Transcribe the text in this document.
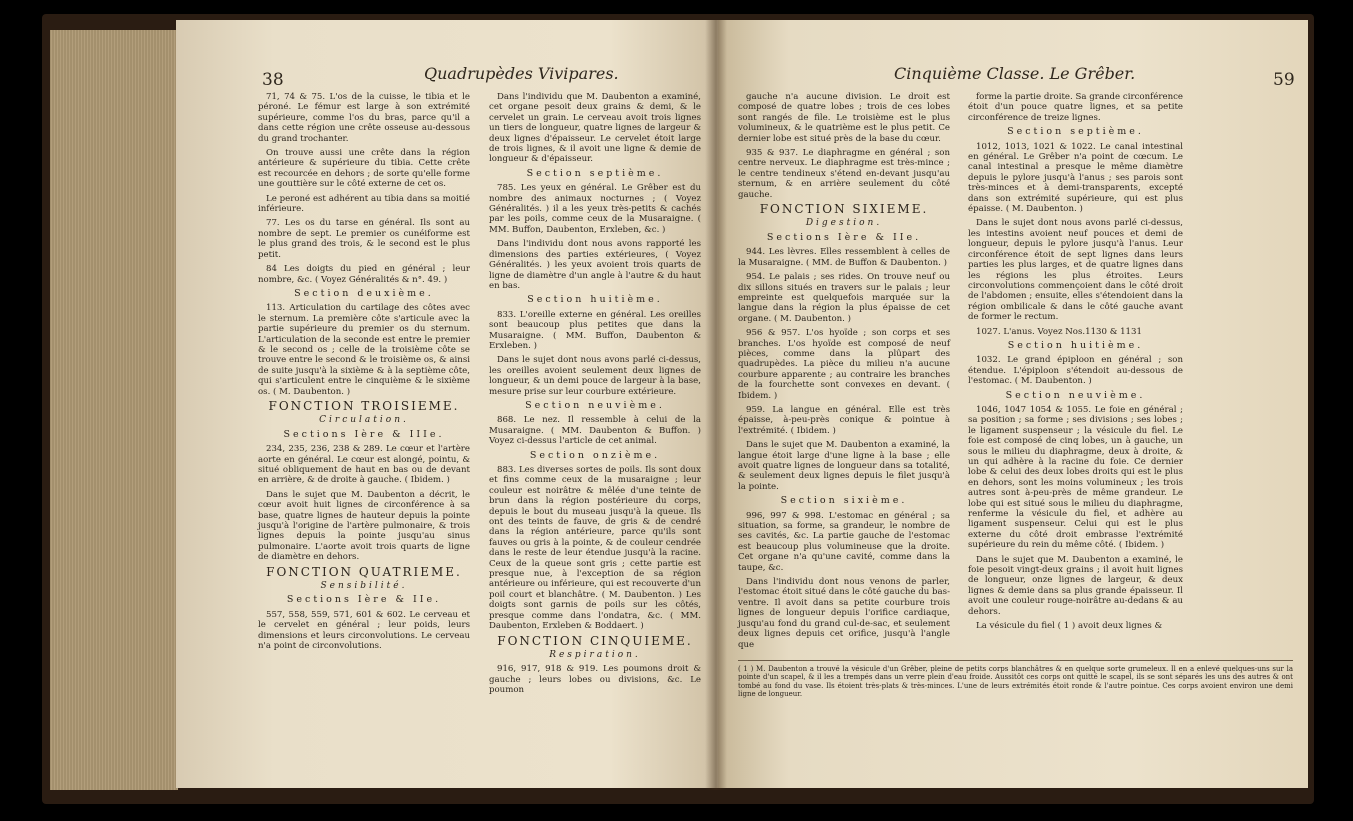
38	Quadrupèdes Vivipares.

71, 74 & 75. L'os de la cuisse, le tibia et le péroné. Le fémur est large à son extrémité supérieure, comme l'os du bras, parce qu'il a dans cette région une crête osseuse au-dessous du grand trochanter.

On trouve aussi une crête dans la région antérieure & supérieure du tibia. Cette crête est recourcée en dehors ; de sorte qu'elle forme une gouttière sur le côté externe de cet os.

Le peroné est adhérent au tibia dans sa moitié inférieure.

77. Les os du tarse en général. Ils sont au nombre de sept. Le premier os cunéiforme est le plus grand des trois, & le second est le plus petit.

84 Les doigts du pied en général ; leur nombre, &c. ( Voyez Généralités & n°. 49. )

Section deuxième.

113. Articulation du cartilage des côtes avec le sternum. La première côte s'articule avec la partie supérieure du premier os du sternum. L'articulation de la seconde est entre le premier & le second os ; celle de la troisième côte se trouve entre le second & le troisième os, & ainsi de suite jusqu'à la sixième & à la septième côte, qui s'articulent entre le cinquième & le sixième os. ( M. Daubenton. )

FONCTION TROISIEME.

Circulation.

Sections Ière & IIIe.

234, 235, 236, 238 & 289. Le cœur et l'artère aorte en général. Le cœur est alongé, pointu, & situé obliquement de haut en bas ou de devant en arrière, & de droite à gauche. ( Ibidem. )

Dans le sujet que M. Daubenton a décrit, le cœur avoit huit lignes de circonférence à sa base, quatre lignes de hauteur depuis la pointe jusqu'à l'origine de l'artère pulmonaire, & trois lignes depuis la pointe jusqu'au sinus pulmonaire. L'aorte avoit trois quarts de ligne de diamètre en dehors.

FONCTION QUATRIEME.

Sensibilité.

Sections Ière & IIe.

557, 558, 559, 571, 601 & 602. Le cerveau et le cervelet en général ; leur poids, leurs dimensions et leurs circonvolutions. Le cerveau n'a point de circonvolutions.

Dans l'individu que M. Daubenton a examiné, cet organe pesoit deux grains & demi, & le cervelet un grain. Le cerveau avoit trois lignes un tiers de longueur, quatre lignes de largeur & deux lignes d'épaisseur. Le cervelet étoit large de trois lignes, & il avoit une ligne & demie de longueur & d'épaisseur.

Section septième.

785. Les yeux en général. Le Grêber est du nombre des animaux nocturnes ; ( Voyez Généralités. ) il a les yeux très-petits & cachés par les poils, comme ceux de la Musaraigne. ( MM. Buffon, Daubenton, Erxleben, &c. )

Dans l'individu dont nous avons rapporté les dimensions des parties extérieures, ( Voyez Généralités. ) les yeux avoient trois quarts de ligne de diamètre d'un angle à l'autre & du haut en bas.

Section huitième.

833. L'oreille externe en général. Les oreilles sont beaucoup plus petites que dans la Musaraigne. ( MM. Buffon, Daubenton & Erxleben. )

Dans le sujet dont nous avons parlé ci-dessus, les oreilles avoient seulement deux lignes de longueur, & un demi pouce de largeur à la base, mesure prise sur leur courbure extérieure.

Section neuvième.

868. Le nez. Il ressemble à celui de la Musaraigne. ( MM. Daubenton & Buffon. ) Voyez ci-dessus l'article de cet animal.

Section onzième.

883. Les diverses sortes de poils. Ils sont doux et fins comme ceux de la musaraigne ; leur couleur est noirâtre & mêlée d'une teinte de brun dans la région postérieure du corps, depuis le bout du museau jusqu'à la queue. Ils ont des teints de fauve, de gris & de cendré dans la région antérieure, parce qu'ils sont fauves ou gris à la pointe, & de couleur cendrée dans le reste de leur étendue jusqu'à la racine. Ceux de la queue sont gris ; cette partie est presque nue, à l'exception de sa région antérieure ou inférieure, qui est recouverte d'un poil court et blanchâtre. ( M. Daubenton. ) Les doigts sont garnis de poils sur les côtés, presque comme dans l'ondatra, &c. ( MM. Daubenton, Erxleben & Boddaert. )

FONCTION CINQUIEME.

Respiration.

916, 917, 918 & 919. Les poumons droit & gauche ; leurs lobes ou divisions, &c. Le poumon

Cinquième Classe. Le Grêber.	59

gauche n'a aucune division. Le droit est composé de quatre lobes ; trois de ces lobes sont rangés de file. Le troisième est le plus volumineux, & le quatrième est le plus petit. Ce dernier lobe est situé près de la base du cœur.

935 & 937. Le diaphragme en général ; son centre nerveux. Le diaphragme est très-mince ; le centre tendineux s'étend en-devant jusqu'au sternum, & en arrière seulement du côté gauche.

FONCTION SIXIEME.

Digestion.

Sections Ière & IIe.

944. Les lèvres. Elles ressemblent à celles de la Musaraigne. ( MM. de Buffon & Daubenton. )

954. Le palais ; ses rides. On trouve neuf ou dix sillons situés en travers sur le palais ; leur empreinte est quelquefois marquée sur la langue dans la région la plus épaisse de cet organe. ( M. Daubenton. )

956 & 957. L'os hyoïde ; son corps et ses branches. L'os hyoïde est composé de neuf pièces, comme dans la plûpart des quadrupèdes. La pièce du milieu n'a aucune courbure apparente ; au contraire les branches de la fourchette sont convexes en devant. ( Ibidem. )

959. La langue en général. Elle est très épaisse, à-peu-près conique & pointue à l'extrémité. ( Ibidem. )

Dans le sujet que M. Daubenton a examiné, la langue étoit large d'une ligne à la base ; elle avoit quatre lignes de longueur dans sa totalité, & seulement deux lignes depuis le filet jusqu'à la pointe.

Section sixième.

996, 997 & 998. L'estomac en général ; sa situation, sa forme, sa grandeur, le nombre de ses cavités, &c. La partie gauche de l'estomac est beaucoup plus volumineuse que la droite. Cet organe n'a qu'une cavité, comme dans la taupe, &c.

Dans l'individu dont nous venons de parler, l'estomac étoit situé dans le côté gauche du bas-ventre. Il avoit dans sa petite courbure trois lignes de longueur depuis l'orifice cardiaque, jusqu'au fond du grand cul-de-sac, et seulement deux lignes depuis cet orifice, jusqu'à l'angle que

forme la partie droite. Sa grande circonférence étoit d'un pouce quatre lignes, et sa petite circonférence de treize lignes.

Section septième.

1012, 1013, 1021 & 1022. Le canal intestinal en général. Le Grêber n'a point de cœcum. Le canal intestinal a presque le même diamètre depuis le pylore jusqu'à l'anus ; ses parois sont très-minces et à demi-transparents, excepté dans son extrémité supérieure, qui est plus épaisse. ( M. Daubenton. )

Dans le sujet dont nous avons parlé ci-dessus, les intestins avoient neuf pouces et demi de longueur, depuis le pylore jusqu'à l'anus. Leur circonférence étoit de sept lignes dans leurs parties les plus larges, et de quatre lignes dans les régions les plus étroites. Leurs circonvolutions commençoient dans le côté droit de l'abdomen ; ensuite, elles s'étendoient dans la région ombilicale & dans le côté gauche avant de former le rectum.

1027. L'anus. Voyez Nos.1130 & 1131

Section huitième.

1032. Le grand épiploon en général ; son étendue. L'épiploon s'étendoit au-dessous de l'estomac. ( M. Daubenton. )

Section neuvième.

1046, 1047 1054 & 1055. Le foie en général ; sa position ; sa forme ; ses divisions ; ses lobes ; le ligament suspenseur ; la vésicule du fiel. Le foie est composé de cinq lobes, un à gauche, un sous le milieu du diaphragme, deux à droite, & un qui adhère à la racine du foie. Ce dernier lobe & celui des deux lobes droits qui est le plus en dehors, sont les moins volumineux ; les trois autres sont à-peu-près de même grandeur. Le lobe qui est situé sous le milieu du diaphragme, renferme la vésicule du fiel, et adhère au ligament suspenseur. Celui qui est le plus externe du côté droit embrasse l'extrémité supérieure du rein du même côté. ( Ibidem. )

Dans le sujet que M. Daubenton a examiné, le foie pesoit vingt-deux grains ; il avoit huit lignes de longueur, onze lignes de largeur, & deux lignes & demie dans sa plus grande épaisseur. Il avoit une couleur rouge-noirâtre au-dedans & au dehors.

La vésicule du fiel ( 1 ) avoit deux lignes &

( 1 ) M. Daubenton a trouvé la vésicule d'un Grêber, pleine de petits corps blanchâtres & en quelque sorte grumeleux. Il en a enlevé quelques-uns sur la pointe d'un scapel, & il les a trempés dans un verre plein d'eau froide. Aussitôt ces corps ont quitté le scapel, ils se sont séparés les uns des autres & ont tombé au fond du vase. Ils étoient très-plats & très-minces. L'une de leurs extrémités étoit ronde & l'autre pointue. Ces corps avoient environ une demi ligne de longueur.
